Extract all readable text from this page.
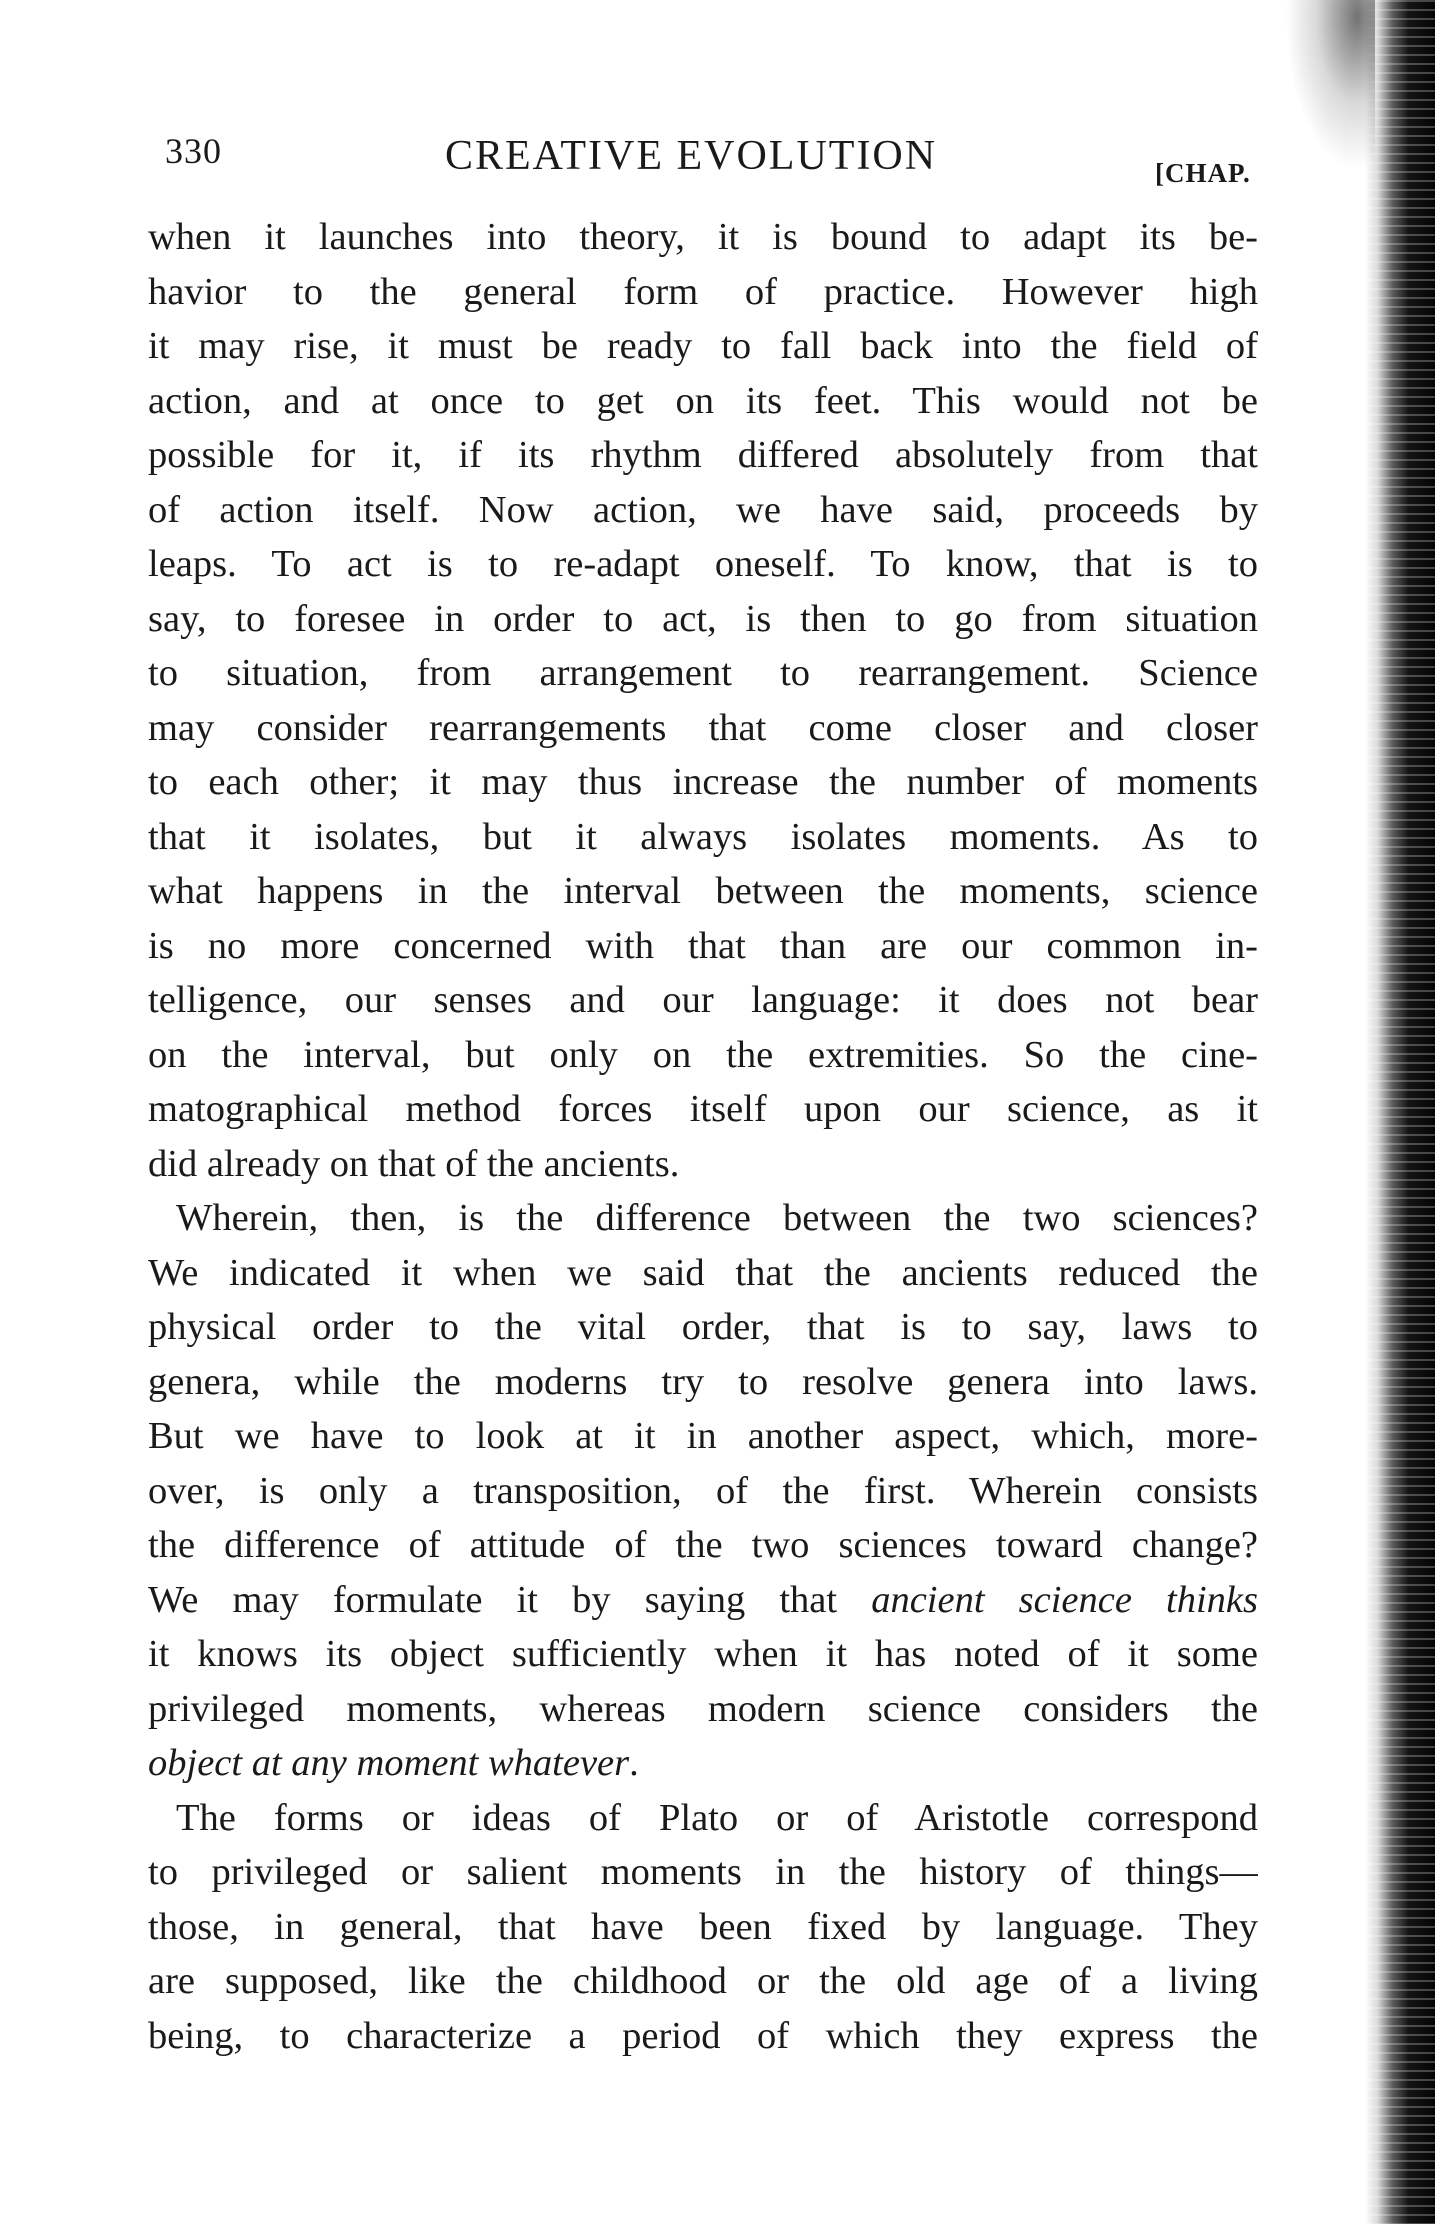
330	CREATIVE EVOLUTION	[CHAP.
when it launches into theory, it is bound to adapt its be-
havior to the general form of practice. However high
it may rise, it must be ready to fall back into the field of
action, and at once to get on its feet. This would not be
possible for it, if its rhythm differed absolutely from that
of action itself. Now action, we have said, proceeds by
leaps. To act is to re-adapt oneself. To know, that is to
say, to foresee in order to act, is then to go from situation
to situation, from arrangement to rearrangement. Science
may consider rearrangements that come closer and closer
to each other; it may thus increase the number of moments
that it isolates, but it always isolates moments. As to
what happens in the interval between the moments, science
is no more concerned with that than are our common in-
telligence, our senses and our language: it does not bear
on the interval, but only on the extremities. So the cine-
matographical method forces itself upon our science, as it
did already on that of the ancients.
Wherein, then, is the difference between the two sciences?
We indicated it when we said that the ancients reduced the
physical order to the vital order, that is to say, laws to
genera, while the moderns try to resolve genera into laws.
But we have to look at it in another aspect, which, more-
over, is only a transposition, of the first. Wherein consists
the difference of attitude of the two sciences toward change?
We may formulate it by saying that ancient science thinks
it knows its object sufficiently when it has noted of it some
privileged moments, whereas modern science considers the
object at any moment whatever.
The forms or ideas of Plato or of Aristotle correspond
to privileged or salient moments in the history of things—
those, in general, that have been fixed by language. They
are supposed, like the childhood or the old age of a living
being, to characterize a period of which they express the
